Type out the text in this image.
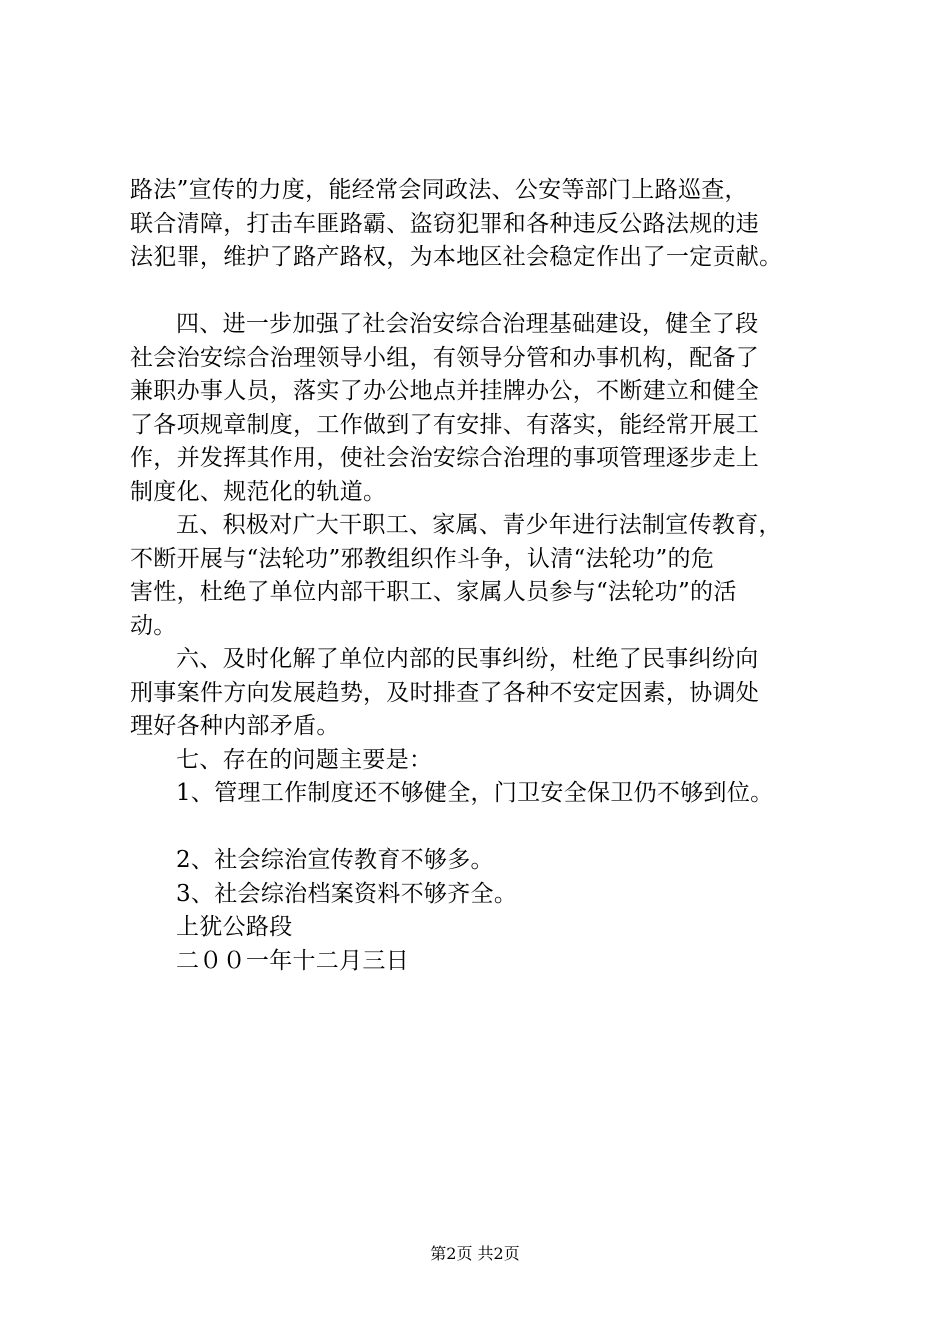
路法”宣传的力度，能经常会同政法、公安等部门上路巡查，
联合清障，打击车匪路霸、盗窃犯罪和各种违反公路法规的违
法犯罪，维护了路产路权，为本地区社会稳定作出了一定贡献。
四、进一步加强了社会治安综合治理基础建设，健全了段
社会治安综合治理领导小组，有领导分管和办事机构，配备了
兼职办事人员，落实了办公地点并挂牌办公，不断建立和健全
了各项规章制度，工作做到了有安排、有落实，能经常开展工
作，并发挥其作用，使社会治安综合治理的事项管理逐步走上
制度化、规范化的轨道。
五、积极对广大干职工、家属、青少年进行法制宣传教育，
不断开展与“法轮功”邪教组织作斗争，认清“法轮功”的危
害性，杜绝了单位内部干职工、家属人员参与“法轮功”的活
动。
六、及时化解了单位内部的民事纠纷，杜绝了民事纠纷向
刑事案件方向发展趋势，及时排查了各种不安定因素，协调处
理好各种内部矛盾。
七、存在的问题主要是：
1、管理工作制度还不够健全，门卫安全保卫仍不够到位。
2、社会综治宣传教育不够多。
3、社会综治档案资料不够齐全。
上犹公路段
二００一年十二月三日
第2页 共2页
